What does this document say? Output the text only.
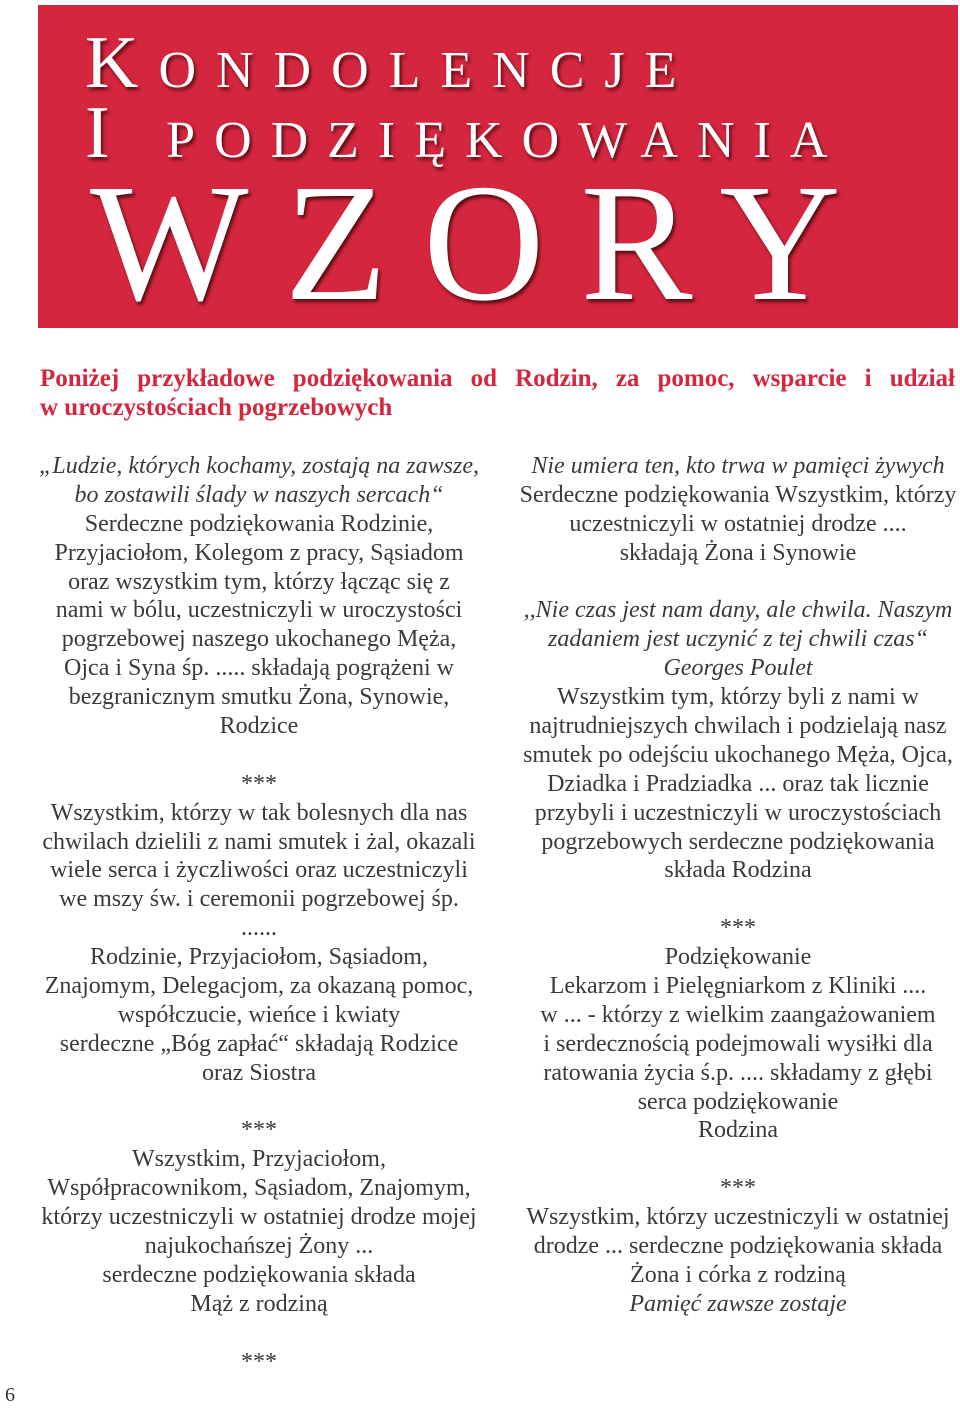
Kondolencje
I podziękowania
WZORY
Poniżej przykładowe podziękowania od Rodzin, za pomoc, wsparcie i udział
w uroczystościach pogrzebowych
„Ludzie, których kochamy, zostają na zawsze,
bo zostawili ślady w naszych sercach“
Serdeczne podziękowania Rodzinie,
Przyjaciołom, Kolegom z pracy, Sąsiadom
oraz wszystkim tym, którzy łącząc się z
nami w bólu, uczestniczyli w uroczystości
pogrzebowej naszego ukochanego Męża,
Ojca i Syna śp. ..... składają pogrążeni w
bezgranicznym smutku Żona, Synowie,
Rodzice
***
Wszystkim, którzy w tak bolesnych dla nas
chwilach dzielili z nami smutek i żal, okazali
wiele serca i życzliwości oraz uczestniczyli
we mszy św. i ceremonii pogrzebowej śp.
......
Rodzinie, Przyjaciołom, Sąsiadom,
Znajomym, Delegacjom, za okazaną pomoc,
współczucie, wieńce i kwiaty
serdeczne „Bóg zapłać“ składają Rodzice
oraz Siostra
***
Wszystkim, Przyjaciołom,
Współpracownikom, Sąsiadom, Znajomym,
którzy uczestniczyli w ostatniej drodze mojej
najukochańszej Żony ...
serdeczne podziękowania składa
Mąż z rodziną
***
Nie umiera ten, kto trwa w pamięci żywych
Serdeczne podziękowania Wszystkim, którzy
uczestniczyli w ostatniej drodze ....
składają Żona i Synowie
,,Nie czas jest nam dany, ale chwila. Naszym
zadaniem jest uczynić z tej chwili czas“
Georges Poulet
Wszystkim tym, którzy byli z nami w
najtrudniejszych chwilach i podzielają nasz
smutek po odejściu ukochanego Męża, Ojca,
Dziadka i Pradziadka ... oraz tak licznie
przybyli i uczestniczyli w uroczystościach
pogrzebowych serdeczne podziękowania
składa Rodzina
***
Podziękowanie
Lekarzom i Pielęgniarkom z Kliniki ....
w ... - którzy z wielkim zaangażowaniem
i serdecznością podejmowali wysiłki dla
ratowania życia ś.p. .... składamy z głębi
serca podziękowanie
Rodzina
***
Wszystkim, którzy uczestniczyli w ostatniej
drodze ... serdeczne podziękowania składa
Żona i córka z rodziną
Pamięć zawsze zostaje
6
